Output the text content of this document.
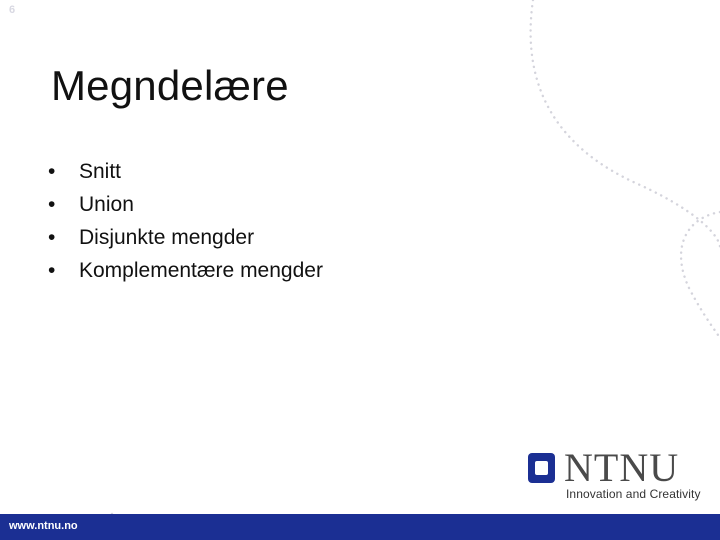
6
Megndelære
• Snitt
• Union
• Disjunkte mengder
• Komplementære mengder
NTNU
Innovation and Creativity
www.ntnu.no
